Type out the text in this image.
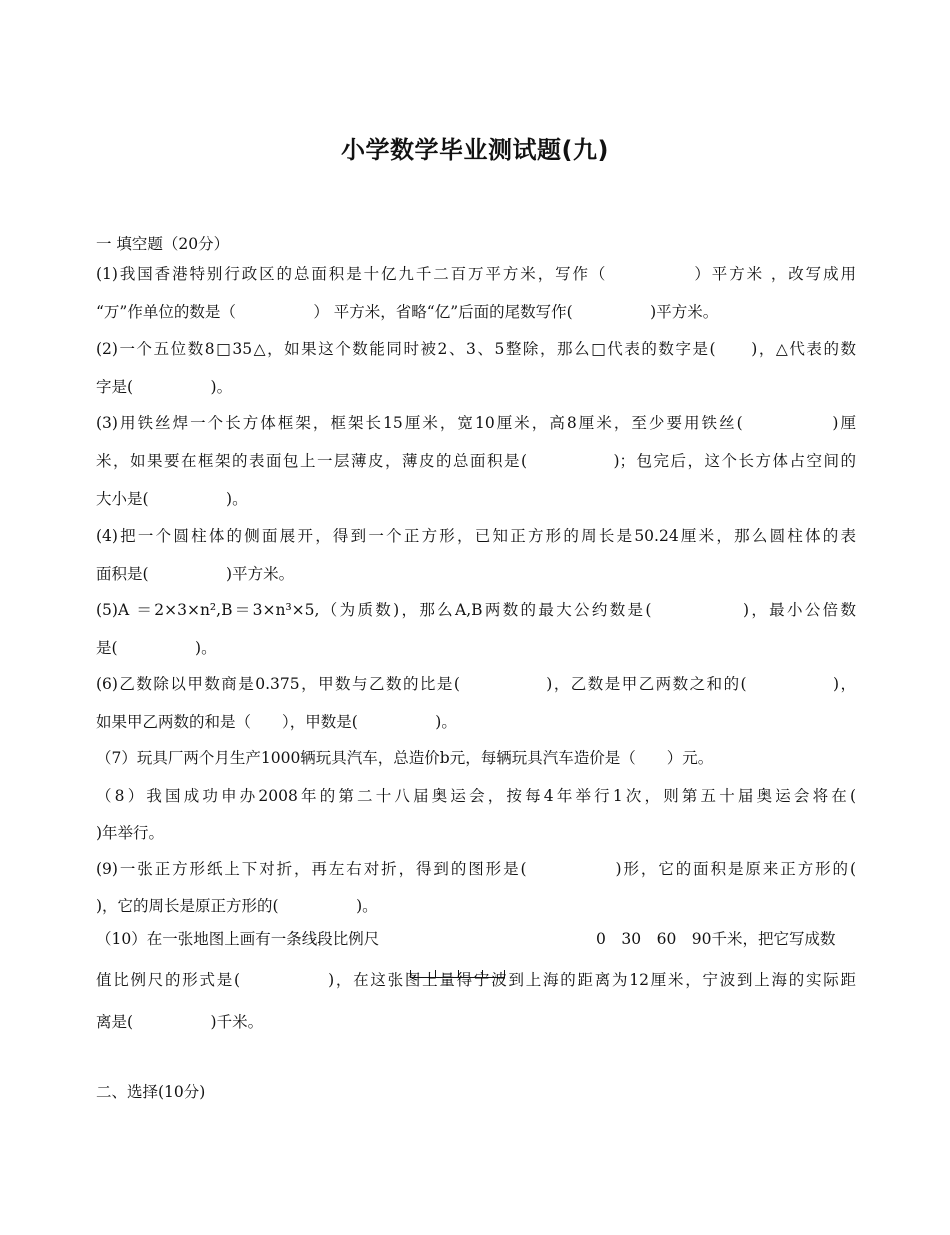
小学数学毕业测试题(九)
一 填空题（20分）
(1)我国香港特别行政区的总面积是十亿九千二百万平方米，写作（　　　　　）平方米 ，改写成用
“万”作单位的数是（　　　　　） 平方米，省略“亿”后面的尾数写作(　　　　　)平方米。
(2)一个五位数8□35△，如果这个数能同时被2、3、5整除，那么□代表的数字是(　　)，△代表的数
字是(　　　　　)。
(3)用铁丝焊一个长方体框架，框架长15厘米，宽10厘米，高8厘米，至少要用铁丝(　　　　　)厘
米，如果要在框架的表面包上一层薄皮，薄皮的总面积是(　　　　　)；包完后，这个长方体占空间的
大小是(　　　　　)。
(4)把一个圆柱体的侧面展开，得到一个正方形，已知正方形的周长是50.24厘米，那么圆柱体的表
面积是(　　　　　)平方米。
(5)A ＝2×3×n²,B＝3×n³×5,（为质数)，那么A,B两数的最大公约数是(　　　　　)，最小公倍数
是(　　　　　)。
(6)乙数除以甲数商是0.375，甲数与乙数的比是(　　　　　)，乙数是甲乙两数之和的(　　　　　)，
如果甲乙两数的和是（　　），甲数是(　　　　　)。
（7）玩具厂两个月生产1000辆玩具汽车，总造价b元，每辆玩具汽车造价是（　　）元。
（8）我国成功申办2008年的第二十八届奥运会，按每4年举行1次，则第五十届奥运会将在(
)年举行。
(9)一张正方形纸上下对折，再左右对折，得到的图形是(　　　　　)形，它的面积是原来正方形的(
)，它的周长是原正方形的(　　　　　)。
（10）在一张地图上画有一条线段比例尺	0　30　60　90千米，把它写成数
值比例尺的形式是(　　　　　)，在这张图上量得宁波到上海的距离为12厘米，宁波到上海的实际距
离是(　　　　　)千米。
二、选择(10分)
